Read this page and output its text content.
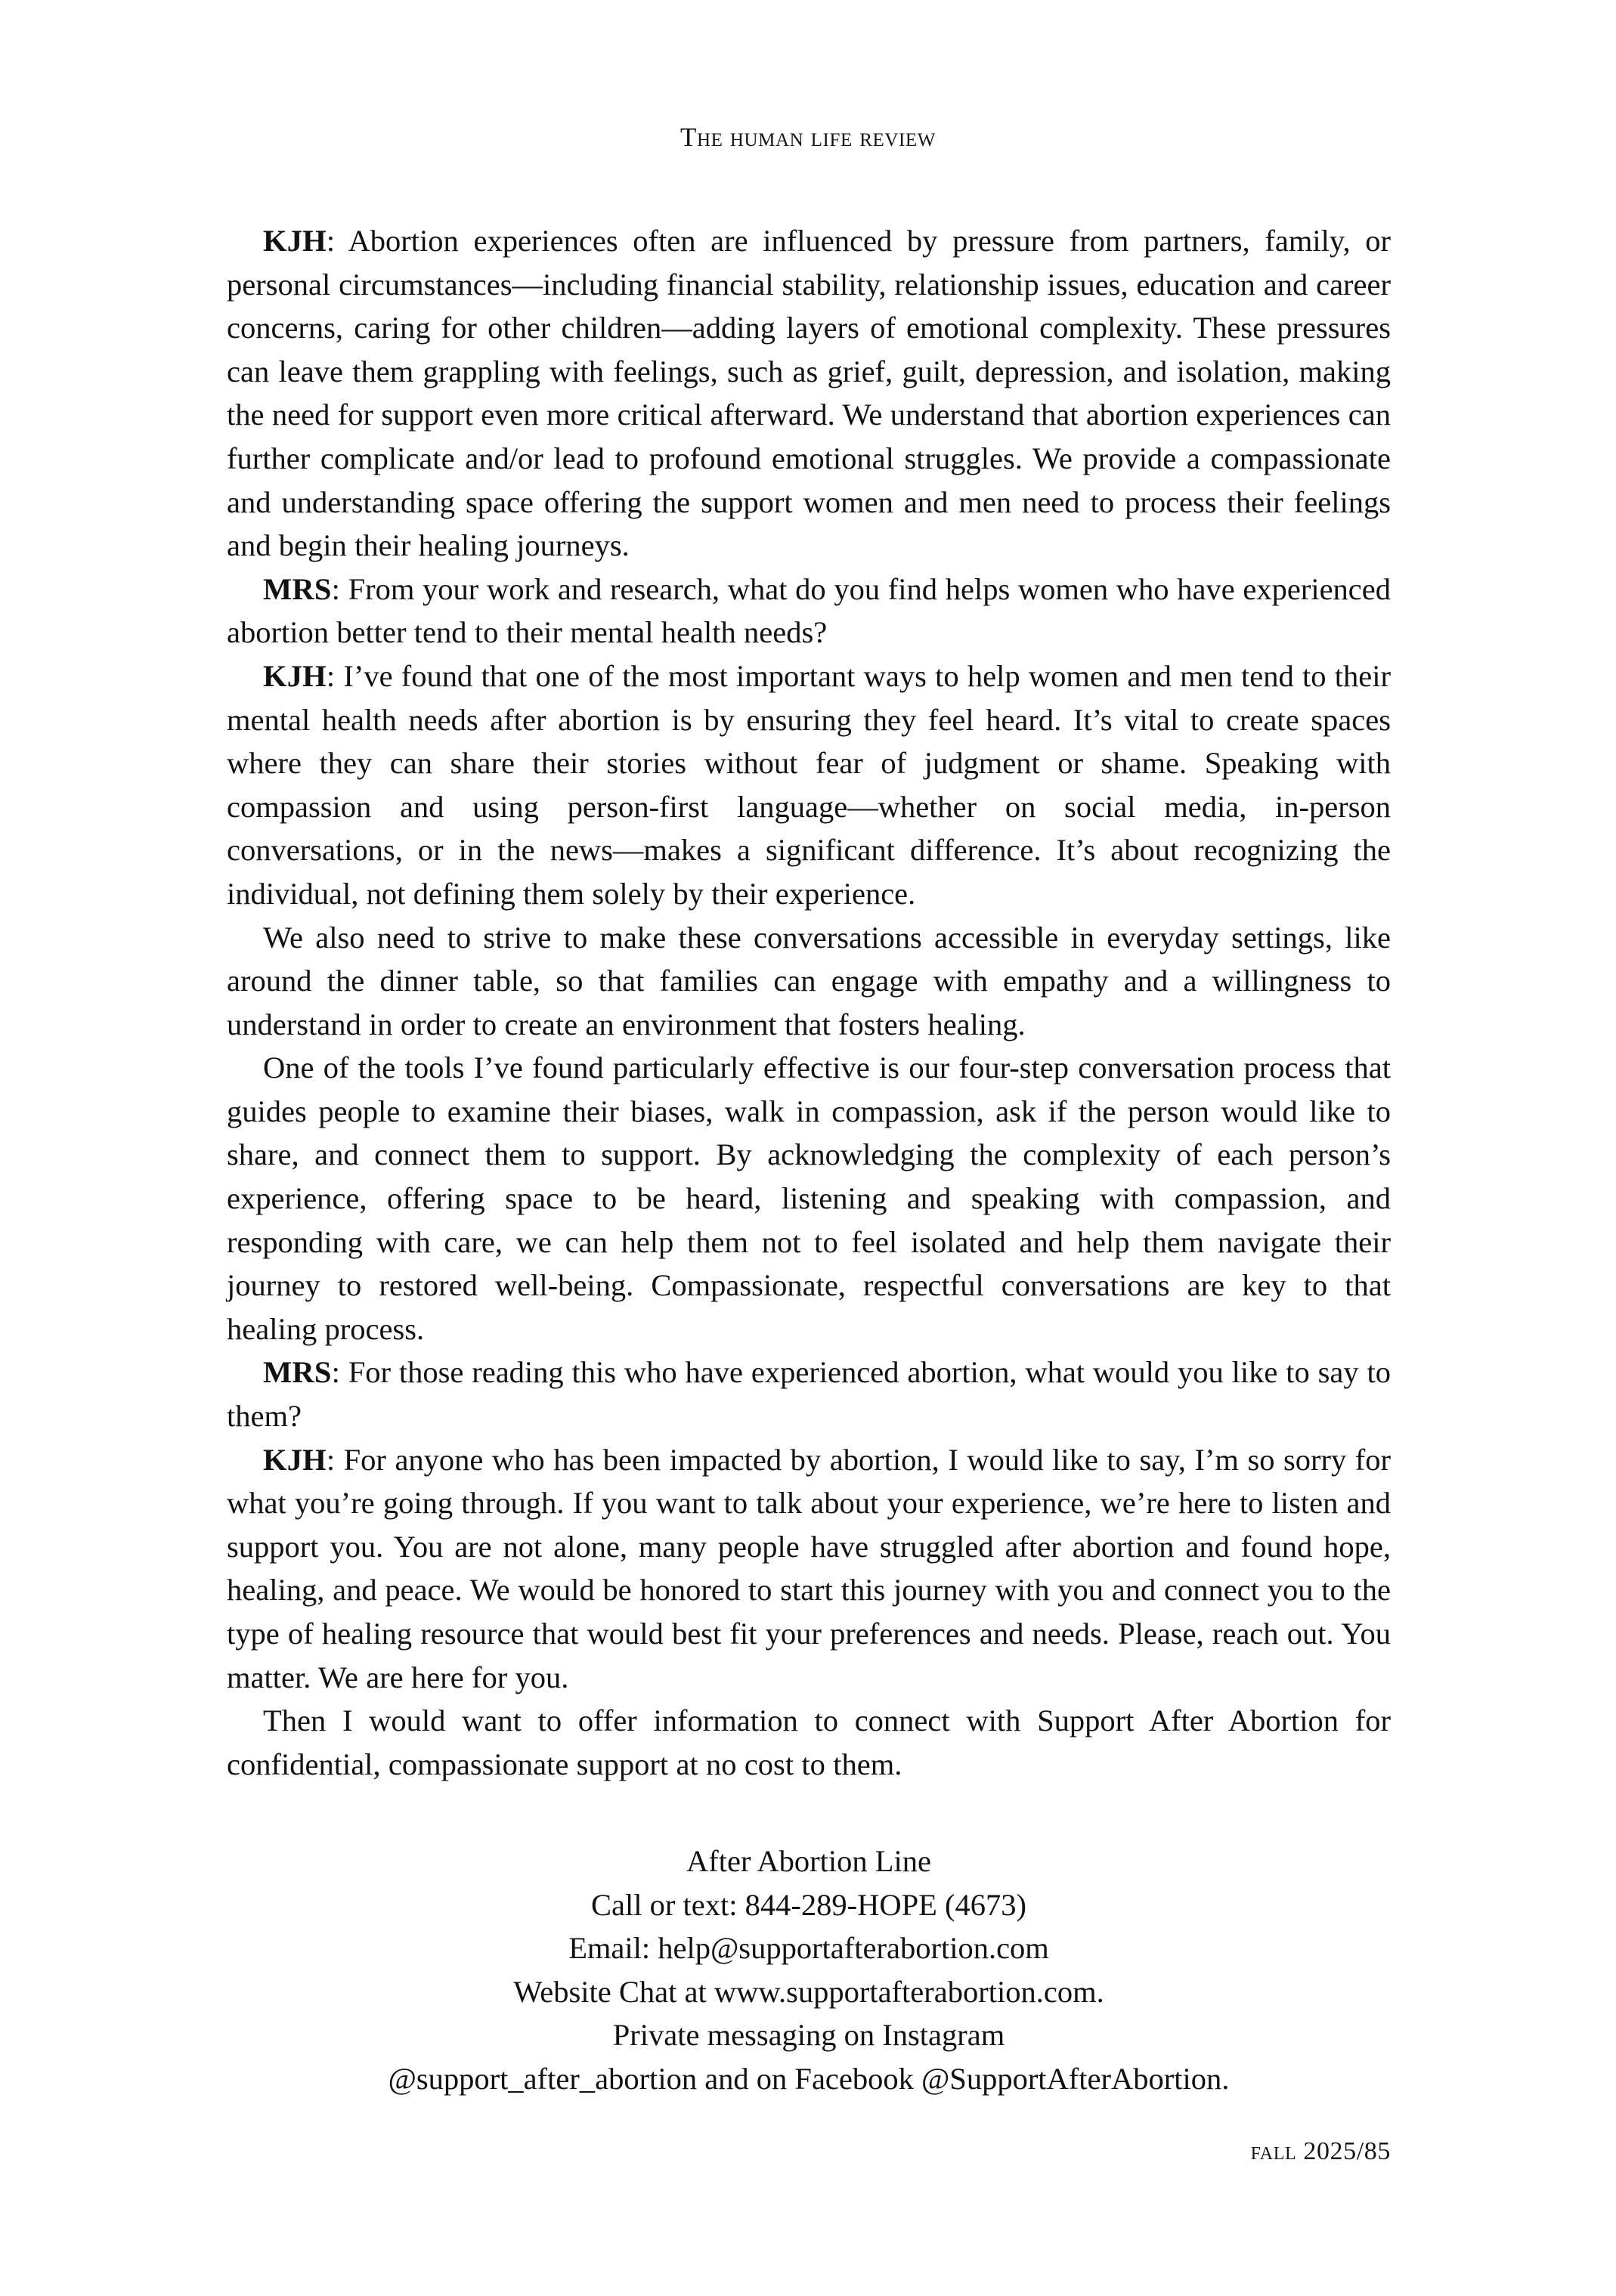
The human life review

KJH: Abortion experiences often are influenced by pressure from partners, family, or personal circumstances—including financial stability, relationship issues, education and career concerns, caring for other children—adding layers of emotional complexity. These pressures can leave them grappling with feelings, such as grief, guilt, depression, and isolation, making the need for support even more critical afterward. We understand that abortion experiences can further complicate and/or lead to profound emotional struggles. We provide a compassionate and understanding space offering the support women and men need to process their feelings and begin their healing journeys.

MRS: From your work and research, what do you find helps women who have experienced abortion better tend to their mental health needs?

KJH: I’ve found that one of the most important ways to help women and men tend to their mental health needs after abortion is by ensuring they feel heard. It’s vital to create spaces where they can share their stories without fear of judgment or shame. Speaking with compassion and using person-first language—whether on social media, in-person conversations, or in the news—makes a significant difference. It’s about recognizing the individual, not defining them solely by their experience.

We also need to strive to make these conversations accessible in everyday settings, like around the dinner table, so that families can engage with empathy and a willingness to understand in order to create an environment that fosters healing.

One of the tools I’ve found particularly effective is our four-step conversation process that guides people to examine their biases, walk in compassion, ask if the person would like to share, and connect them to support. By acknowledging the complexity of each person’s experience, offering space to be heard, listening and speaking with compassion, and responding with care, we can help them not to feel isolated and help them navigate their journey to restored well-being. Compassionate, respectful conversations are key to that healing process.

MRS: For those reading this who have experienced abortion, what would you like to say to them?

KJH: For anyone who has been impacted by abortion, I would like to say, I’m so sorry for what you’re going through. If you want to talk about your experience, we’re here to listen and support you. You are not alone, many people have struggled after abortion and found hope, healing, and peace. We would be honored to start this journey with you and connect you to the type of healing resource that would best fit your preferences and needs. Please, reach out. You matter. We are here for you.

Then I would want to offer information to connect with Support After Abortion for confidential, compassionate support at no cost to them.

After Abortion Line
Call or text: 844-289-HOPE (4673)
Email: help@supportafterabortion.com
Website Chat at www.supportafterabortion.com.
Private messaging on Instagram
@support_after_abortion and on Facebook @SupportAfterAbortion.
fall 2025/85
